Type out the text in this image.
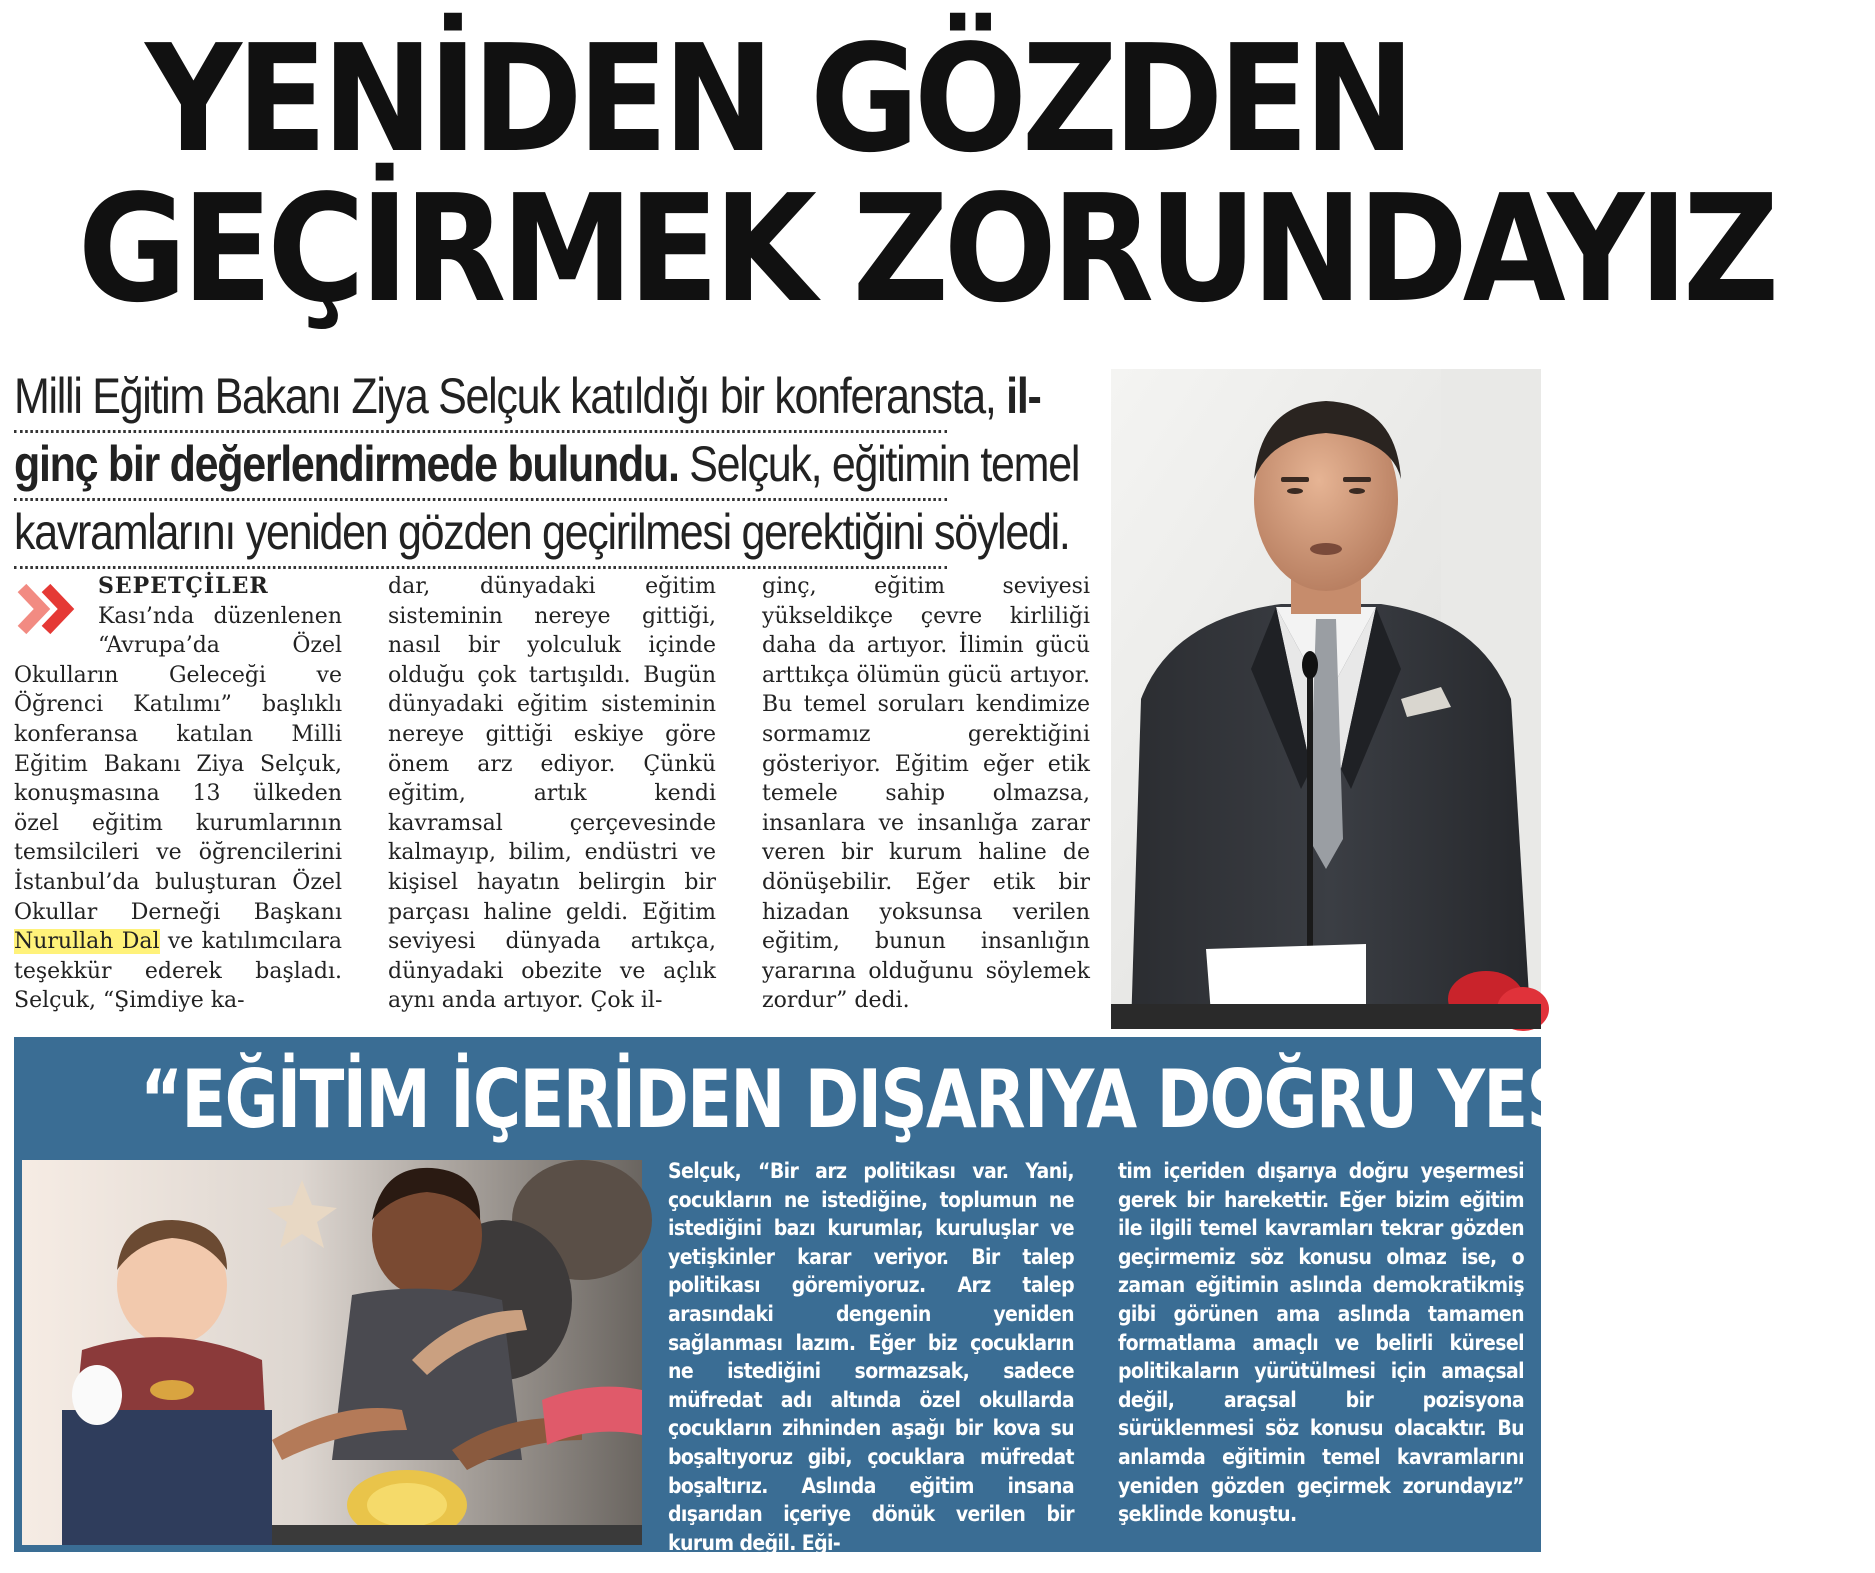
YENİDEN GÖZDEN
GEÇİRMEK ZORUNDAYIZ
Milli Eğitim Bakanı Ziya Selçuk katıldığı bir konferansta, il-
ginç bir değerlendirmede bulundu. Selçuk, eğitimin temel
kavramlarını yeniden gözden geçirilmesi gerektiğini söyledi.

SEPETÇİLER Kası’nda düzenlenen “Avrupa’da Özel Okulların Geleceği ve Öğrenci Katılımı” başlıklı konferansa katılan Milli Eğitim Bakanı Ziya Selçuk, konuşmasına 13 ülkeden özel eğitim kurumlarının temsilcileri ve öğrencilerini İstanbul’da buluşturan Özel Okullar Derneği Başkanı Nurullah Dal ve katılımcılara teşekkür ederek başladı. Selçuk, “Şimdiye ka-

dar, dünyadaki eğitim sisteminin nereye gittiği, nasıl bir yolculuk içinde olduğu çok tartışıldı. Bugün dünyadaki eğitim sisteminin nereye gittiği eskiye göre önem arz ediyor. Çünkü eğitim, artık kendi kavramsal çerçevesinde kalmayıp, bilim, endüstri ve kişisel hayatın belirgin bir parçası haline geldi. Eğitim seviyesi dünyada artıkça, dünyadaki obezite ve açlık aynı anda artıyor. Çok il-

ginç, eğitim seviyesi yükseldikçe çevre kirliliği daha da artıyor. İlimin gücü arttıkça ölümün gücü artıyor. Bu temel soruları kendimize sormamız gerektiğini gösteriyor. Eğitim eğer etik temele sahip olmazsa, insanlara ve insanlığa zarar veren bir kurum haline de dönüşebilir. Eğer etik bir hizadan yoksunsa verilen eğitim, bunun insanlığın yararına olduğunu söylemek zordur” dedi.

“EĞİTİM İÇERİDEN DIŞARIYA DOĞRU YEŞERMELİ”

Selçuk, “Bir arz politikası var. Yani, çocukların ne istediğine, toplumun ne istediğini bazı kurumlar, kuruluşlar ve yetişkinler karar veriyor. Bir talep politikası göremiyoruz. Arz talep arasındaki dengenin yeniden sağlanması lazım. Eğer biz çocukların ne istediğini sormazsak, sadece müfredat adı altında özel okullarda çocukların zihninden aşağı bir kova su boşaltıyoruz gibi, çocuklara müfredat boşaltırız. Aslında eğitim insana dışarıdan içeriye dönük verilen bir kurum değil. Eği-

tim içeriden dışarıya doğru yeşermesi gerek bir harekettir. Eğer bizim eğitim ile ilgili temel kavramları tekrar gözden geçirmemiz söz konusu olmaz ise, o zaman eğitimin aslında demokratikmiş gibi görünen ama aslında tamamen formatlama amaçlı ve belirli küresel politikaların yürütülmesi için amaçsal değil, araçsal bir pozisyona sürüklenmesi söz konusu olacaktır. Bu anlamda eğitimin temel kavramlarını yeniden gözden geçirmek zorundayız” şeklinde konuştu.
